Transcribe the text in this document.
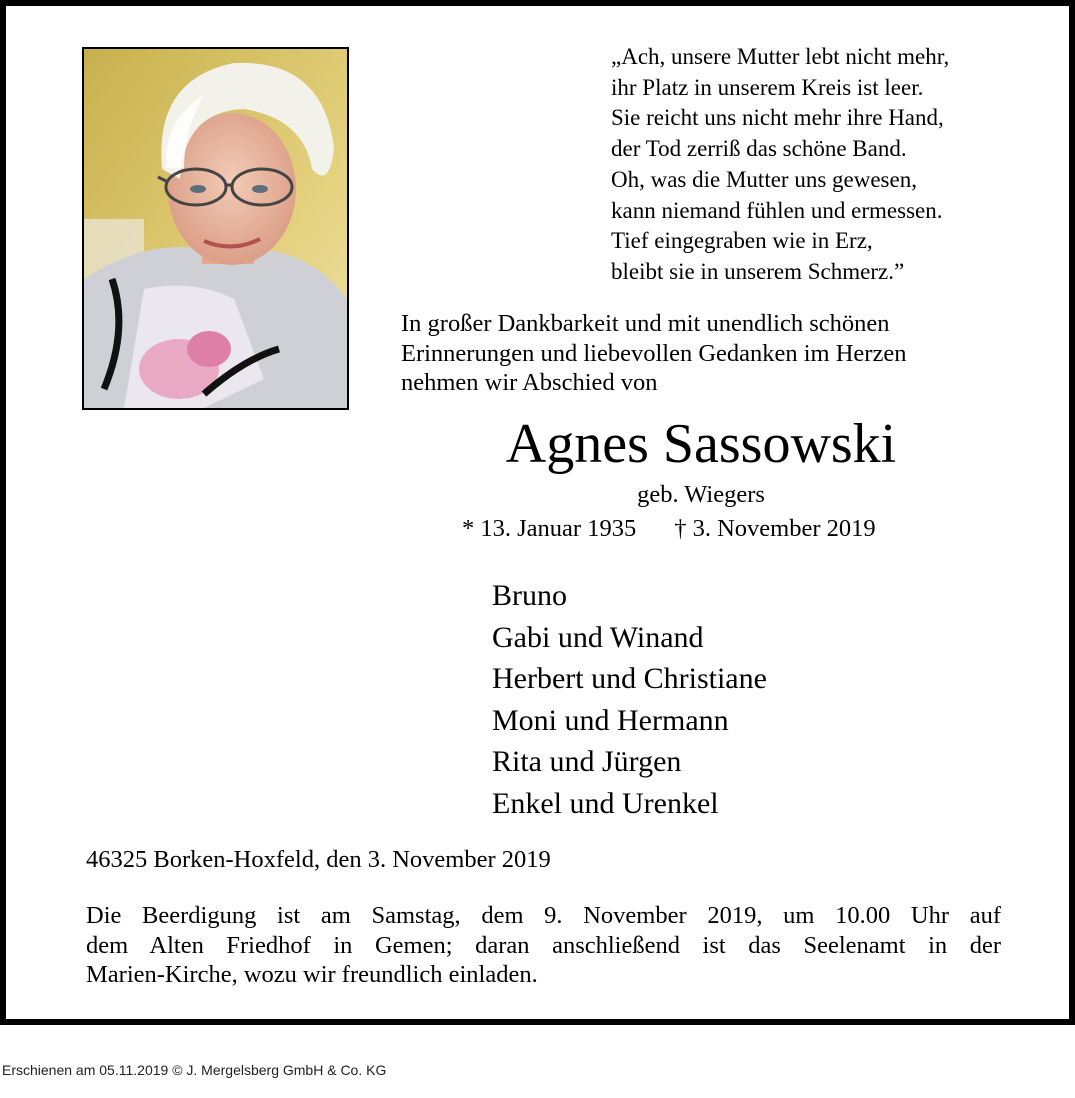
„Ach, unsere Mutter lebt nicht mehr,
ihr Platz in unserem Kreis ist leer.
Sie reicht uns nicht mehr ihre Hand,
der Tod zerriß das schöne Band.
Oh, was die Mutter uns gewesen,
kann niemand fühlen und ermessen.
Tief eingegraben wie in Erz,
bleibt sie in unserem Schmerz.”
In großer Dankbarkeit und mit unendlich schönen
Erinnerungen und liebevollen Gedanken im Herzen
nehmen wir Abschied von
Agnes Sassowski
geb. Wiegers
* 13. Januar 1935 † 3. November 2019
Bruno
Gabi und Winand
Herbert und Christiane
Moni und Hermann
Rita und Jürgen
Enkel und Urenkel
46325 Borken-Hoxfeld, den 3. November 2019
Die Beerdigung ist am Samstag, dem 9. November 2019, um 10.00 Uhr auf
dem Alten Friedhof in Gemen; daran anschließend ist das Seelenamt in der
Marien-Kirche, wozu wir freundlich einladen.
Erschienen am 05.11.2019 © J. Mergelsberg GmbH & Co. KG
